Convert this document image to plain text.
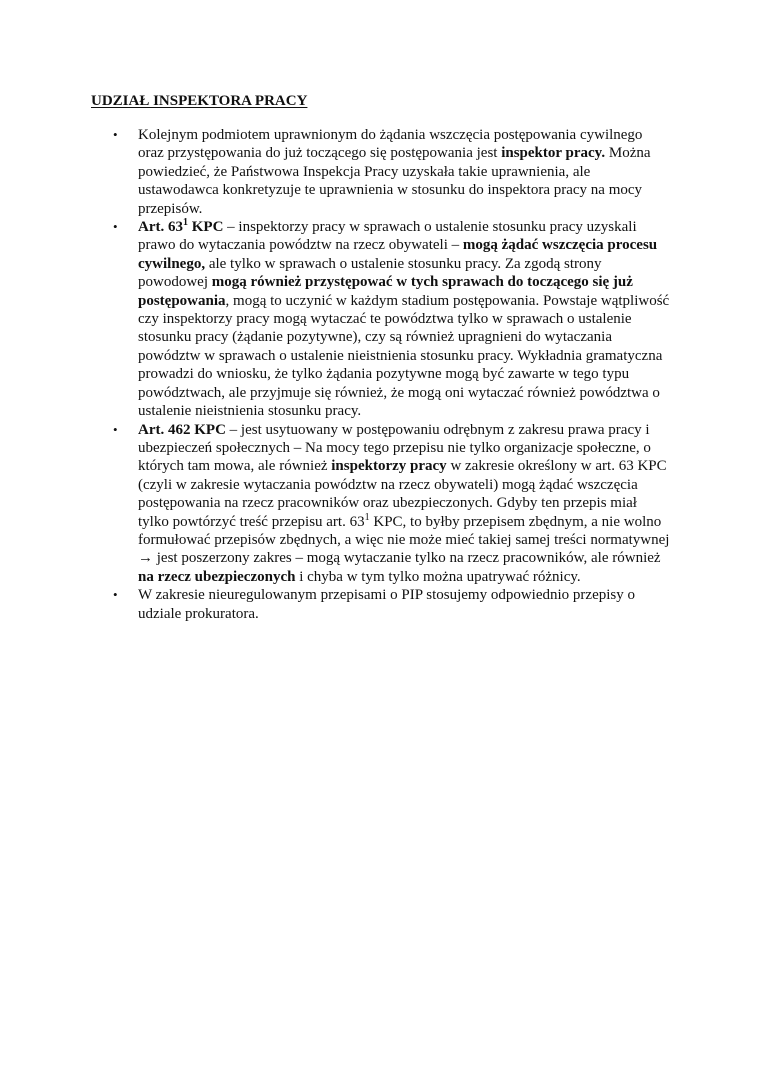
UDZIAŁ INSPEKTORA PRACY
• Kolejnym podmiotem uprawnionym do żądania wszczęcia postępowania cywilnego oraz przystępowania do już toczącego się postępowania jest inspektor pracy. Można powiedzieć, że Państwowa Inspekcja Pracy uzyskała takie uprawnienia, ale ustawodawca konkretyzuje te uprawnienia w stosunku do inspektora pracy na mocy przepisów.
• Art. $63^1$ KPC – inspektorzy pracy w sprawach o ustalenie stosunku pracy uzyskali prawo do wytaczania powództw na rzecz obywateli – mogą żądać wszczęcia procesu cywilnego, ale tylko w sprawach o ustalenie stosunku pracy. Za zgodą strony powodowej mogą również przystępować w tych sprawach do toczącego się już postępowania, mogą to uczynić w każdym stadium postępowania. Powstaje wątpliwość czy inspektorzy pracy mogą wytaczać te powództwa tylko w sprawach o ustalenie stosunku pracy (żądanie pozytywne), czy są również upragnieni do wytaczania powództw w sprawach o ustalenie nieistnienia stosunku pracy. Wykładnia gramatyczna prowadzi do wniosku, że tylko żądania pozytywne mogą być zawarte w tego typu powództwach, ale przyjmuje się również, że mogą oni wytaczać również powództwa o ustalenie nieistnienia stosunku pracy.
• Art. 462 KPC – jest usytuowany w postępowaniu odrębnym z zakresu prawa pracy i ubezpieczeń społecznych – Na mocy tego przepisu nie tylko organizacje społeczne, o których tam mowa, ale również inspektorzy pracy w zakresie określony w art. 63 KPC (czyli w zakresie wytaczania powództw na rzecz obywateli) mogą żądać wszczęcia postępowania na rzecz pracowników oraz ubezpieczonych. Gdyby ten przepis miał tylko powtórzyć treść przepisu art. $63^1$ KPC, to byłby przepisem zbędnym, a nie wolno formułować przepisów zbędnych, a więc nie może mieć takiej samej treści normatywnej → jest poszerzony zakres – mogą wytaczanie tylko na rzecz pracowników, ale również na rzecz ubezpieczonych i chyba w tym tylko można upatrywać różnicy.
• W zakresie nieuregulowanym przepisami o PIP stosujemy odpowiednio przepisy o udziale prokuratora.
